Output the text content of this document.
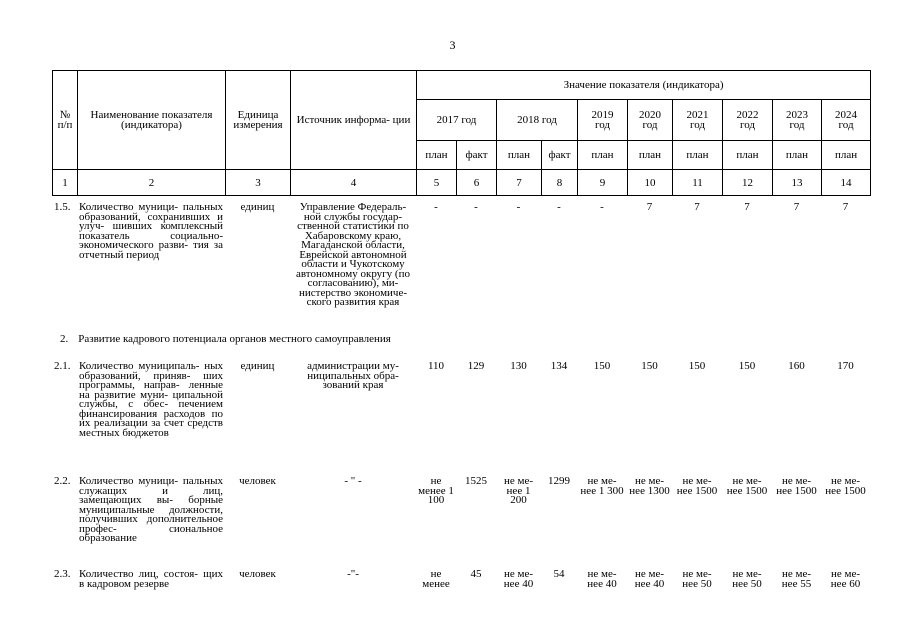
3
№ п/п	Наименование показателя (индикатора)	Единица измерения	Источник информа- ции	Значение показателя (индикатора)									
				2017 год		2018 год		2019 год	2020 год	2021 год	2022 год	2023 год	2024 год
				план	факт	план	факт	план	план	план	план	план	план
1	2	3	4	5	6	7	8	9	10	11	12	13	14
1.5.	Количество муници- пальных образований, сохранивших и улуч- шивших комплексный показатель социально- экономического разви- тия за отчетный период	единиц	Управление Федераль- ной службы государ- ственной статистики по Хабаровскому краю, Магаданской области, Еврейской автономной области и Чукотскому автономному округу (по согласованию), ми- нистерство экономиче- ского развития края	-	-	-	-	-	7	7	7	7	7
2. Развитие кадрового потенциала органов местного самоуправления
2.1.	Количество муниципаль- ных образований, приняв- ших программы, направ- ленные на развитие муни- ципальной службы, с обес- печением финансирования расходов по их реализации за счет средств местных бюджетов	единиц	администрации му- ниципальных обра- зований края	110	129	130	134	150	150	150	150	160	170
2.2.	Количество муници- пальных служащих и лиц, замещающих вы- борные муниципальные должности, получивших дополнительное профес- сиональное образование	человек	- " -	не менее 1 100	1525	не ме- нее 1 200	1299	не ме- нее 1 300	не ме- нее 1300	не ме- нее 1500	не ме- нее 1500	не ме- нее 1500	не ме- нее 1500
2.3.	Количество лиц, состоя- щих в кадровом резерве	человек	-"-	не менее	45	не ме- нее 40	54	не ме- нее 40	не ме- нее 40	не ме- нее 50	не ме- нее 50	не ме- нее 55	не ме- нее 60
